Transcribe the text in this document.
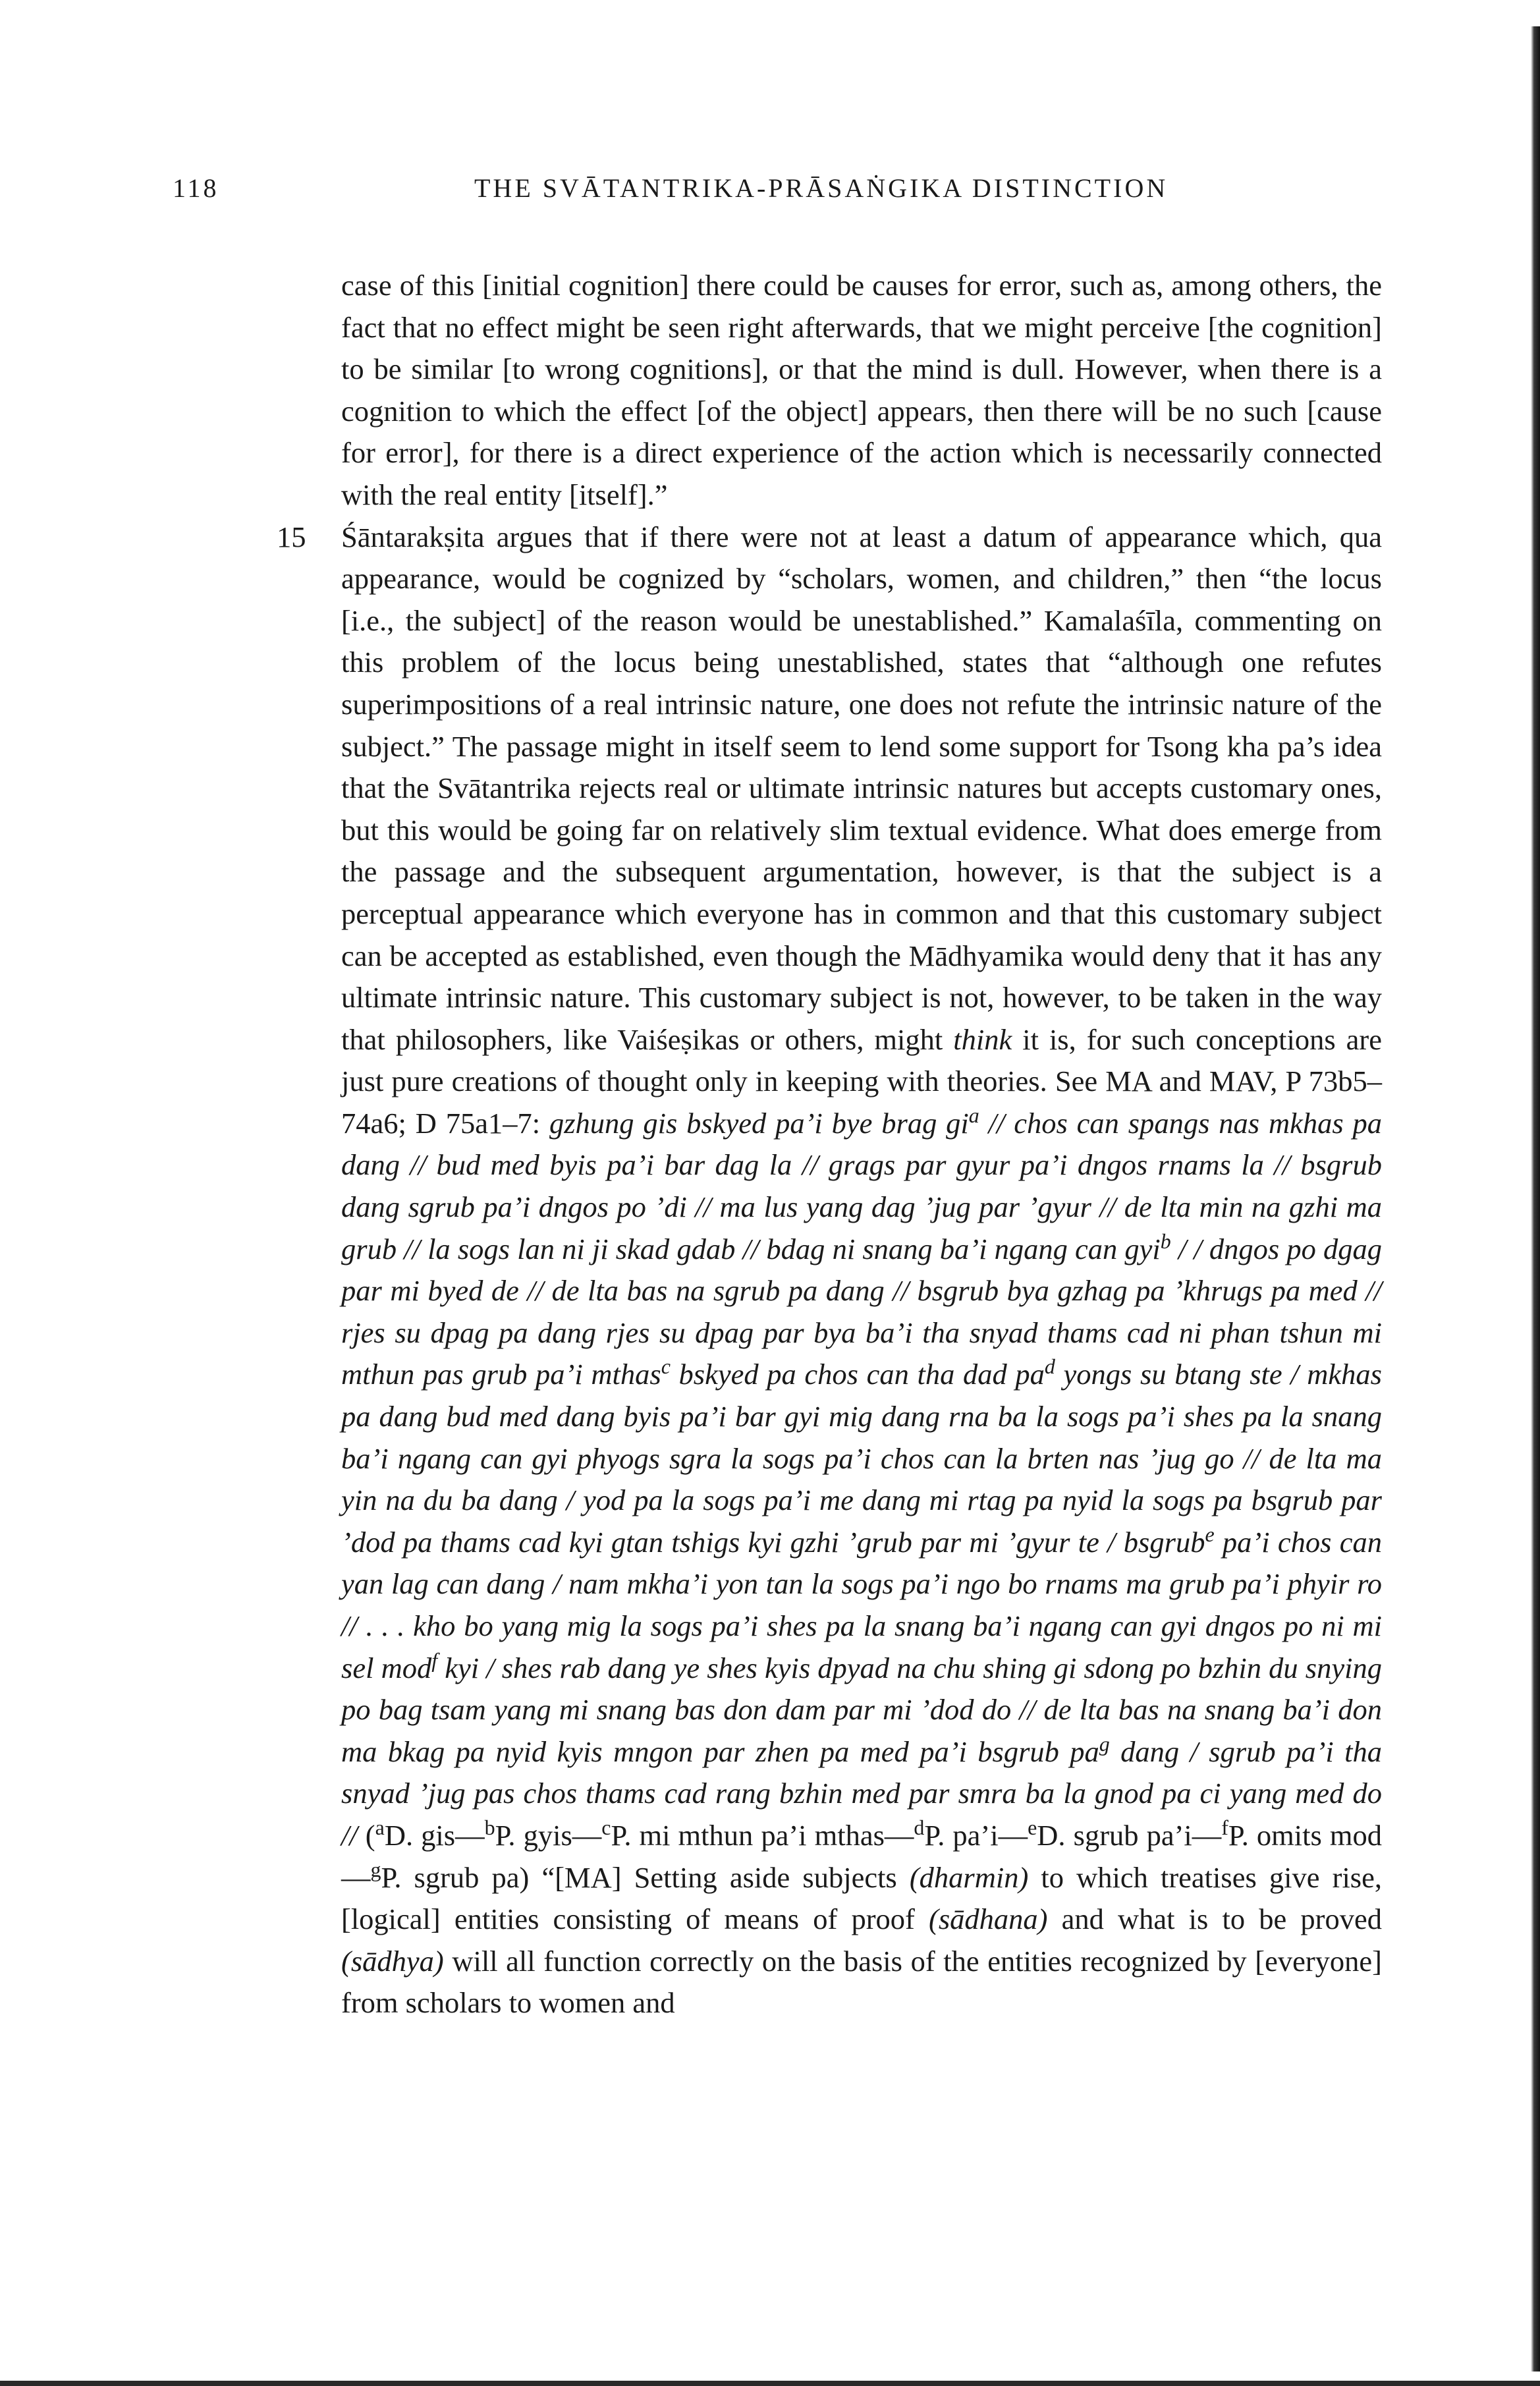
118	THE SVĀTANTRIKA-PRĀSAṄGIKA DISTINCTION

case of this [initial cognition] there could be causes for error, such as, among others, the fact that no effect might be seen right afterwards, that we might perceive [the cognition] to be similar [to wrong cognitions], or that the mind is dull. However, when there is a cognition to which the effect [of the object] appears, then there will be no such [cause for error], for there is a direct experience of the action which is necessarily connected with the real entity [itself].”

15 Śāntarakṣita argues that if there were not at least a datum of appearance which, qua appearance, would be cognized by “scholars, women, and children,” then “the locus [i.e., the subject] of the reason would be unestablished.” Kamalaśīla, commenting on this problem of the locus being unestablished, states that “although one refutes superimpositions of a real intrinsic nature, one does not refute the intrinsic nature of the subject.” The passage might in itself seem to lend some support for Tsong kha pa’s idea that the Svātantrika rejects real or ultimate intrinsic natures but accepts customary ones, but this would be going far on relatively slim textual evidence. What does emerge from the passage and the subsequent argumentation, however, is that the subject is a perceptual appearance which everyone has in common and that this customary subject can be accepted as established, even though the Mādhyamika would deny that it has any ultimate intrinsic nature. This customary subject is not, however, to be taken in the way that philosophers, like Vaiśeṣikas or others, might think it is, for such conceptions are just pure creations of thought only in keeping with theories. See MA and MAV, P 73b5–74a6; D 75a1–7: gzhung gis bskyed pa’i bye brag $gi^a$ // chos can spangs nas mkhas pa dang // bud med byis pa’i bar dag la // grags par gyur pa’i dngos rnams la // bsgrub dang sgrub pa’i dngos po ’di // ma lus yang dag ’jug par ’gyur // de lta min na gzhi ma grub // la sogs lan ni ji skad gdab // bdag ni snang ba’i ngang can gyi$^b$ / / dngos po dgag par mi byed de // de lta bas na sgrub pa dang // bsgrub bya gzhag pa ’khrugs pa med // rjes su dpag pa dang rjes su dpag par bya ba’i tha snyad thams cad ni phan tshun mi mthun pas grub pa’i mthas$^c$ bskyed pa chos can tha dad $pa^d$ yongs su btang ste / mkhas pa dang bud med dang byis pa’i bar gyi mig dang rna ba la sogs pa’i shes pa la snang ba’i ngang can gyi phyogs sgra la sogs pa’i chos can la brten nas ’jug go // de lta ma yin na du ba dang / yod pa la sogs pa’i me dang mi rtag pa nyid la sogs pa bsgrub par ’dod pa thams cad kyi gtan tshigs kyi gzhi ’grub par mi ’gyur te / bsgrub$^e$ pa’i chos can yan lag can dang / nam mkha’i yon tan la sogs pa’i ngo bo rnams ma grub pa’i phyir ro // . . . kho bo yang mig la sogs pa’i shes pa la snang ba’i ngang can gyi dngos po ni mi sel mod$^f$ kyi / shes rab dang ye shes kyis dpyad na chu shing gi sdong po bzhin du snying po bag tsam yang mi snang bas don dam par mi ’dod do // de lta bas na snang ba’i don ma bkag pa nyid kyis mngon par zhen pa med pa’i bsgrub $pa^g$ dang / sgrub pa’i tha snyad ’jug pas chos thams cad rang bzhin med par smra ba la gnod pa ci yang med do // ($^a$D. gis—$^b$P. gyis—$^c$P. mi mthun pa’i mthas—$^d$P. pa’i—$^e$D. sgrub pa’i—$^f$P. omits mod—$^g$P. sgrub pa) “[MA] Setting aside subjects (dharmin) to which treatises give rise, [logical] entities consisting of means of proof (sādhana) and what is to be proved (sādhya) will all function correctly on the basis of the entities recognized by [everyone] from scholars to women and
